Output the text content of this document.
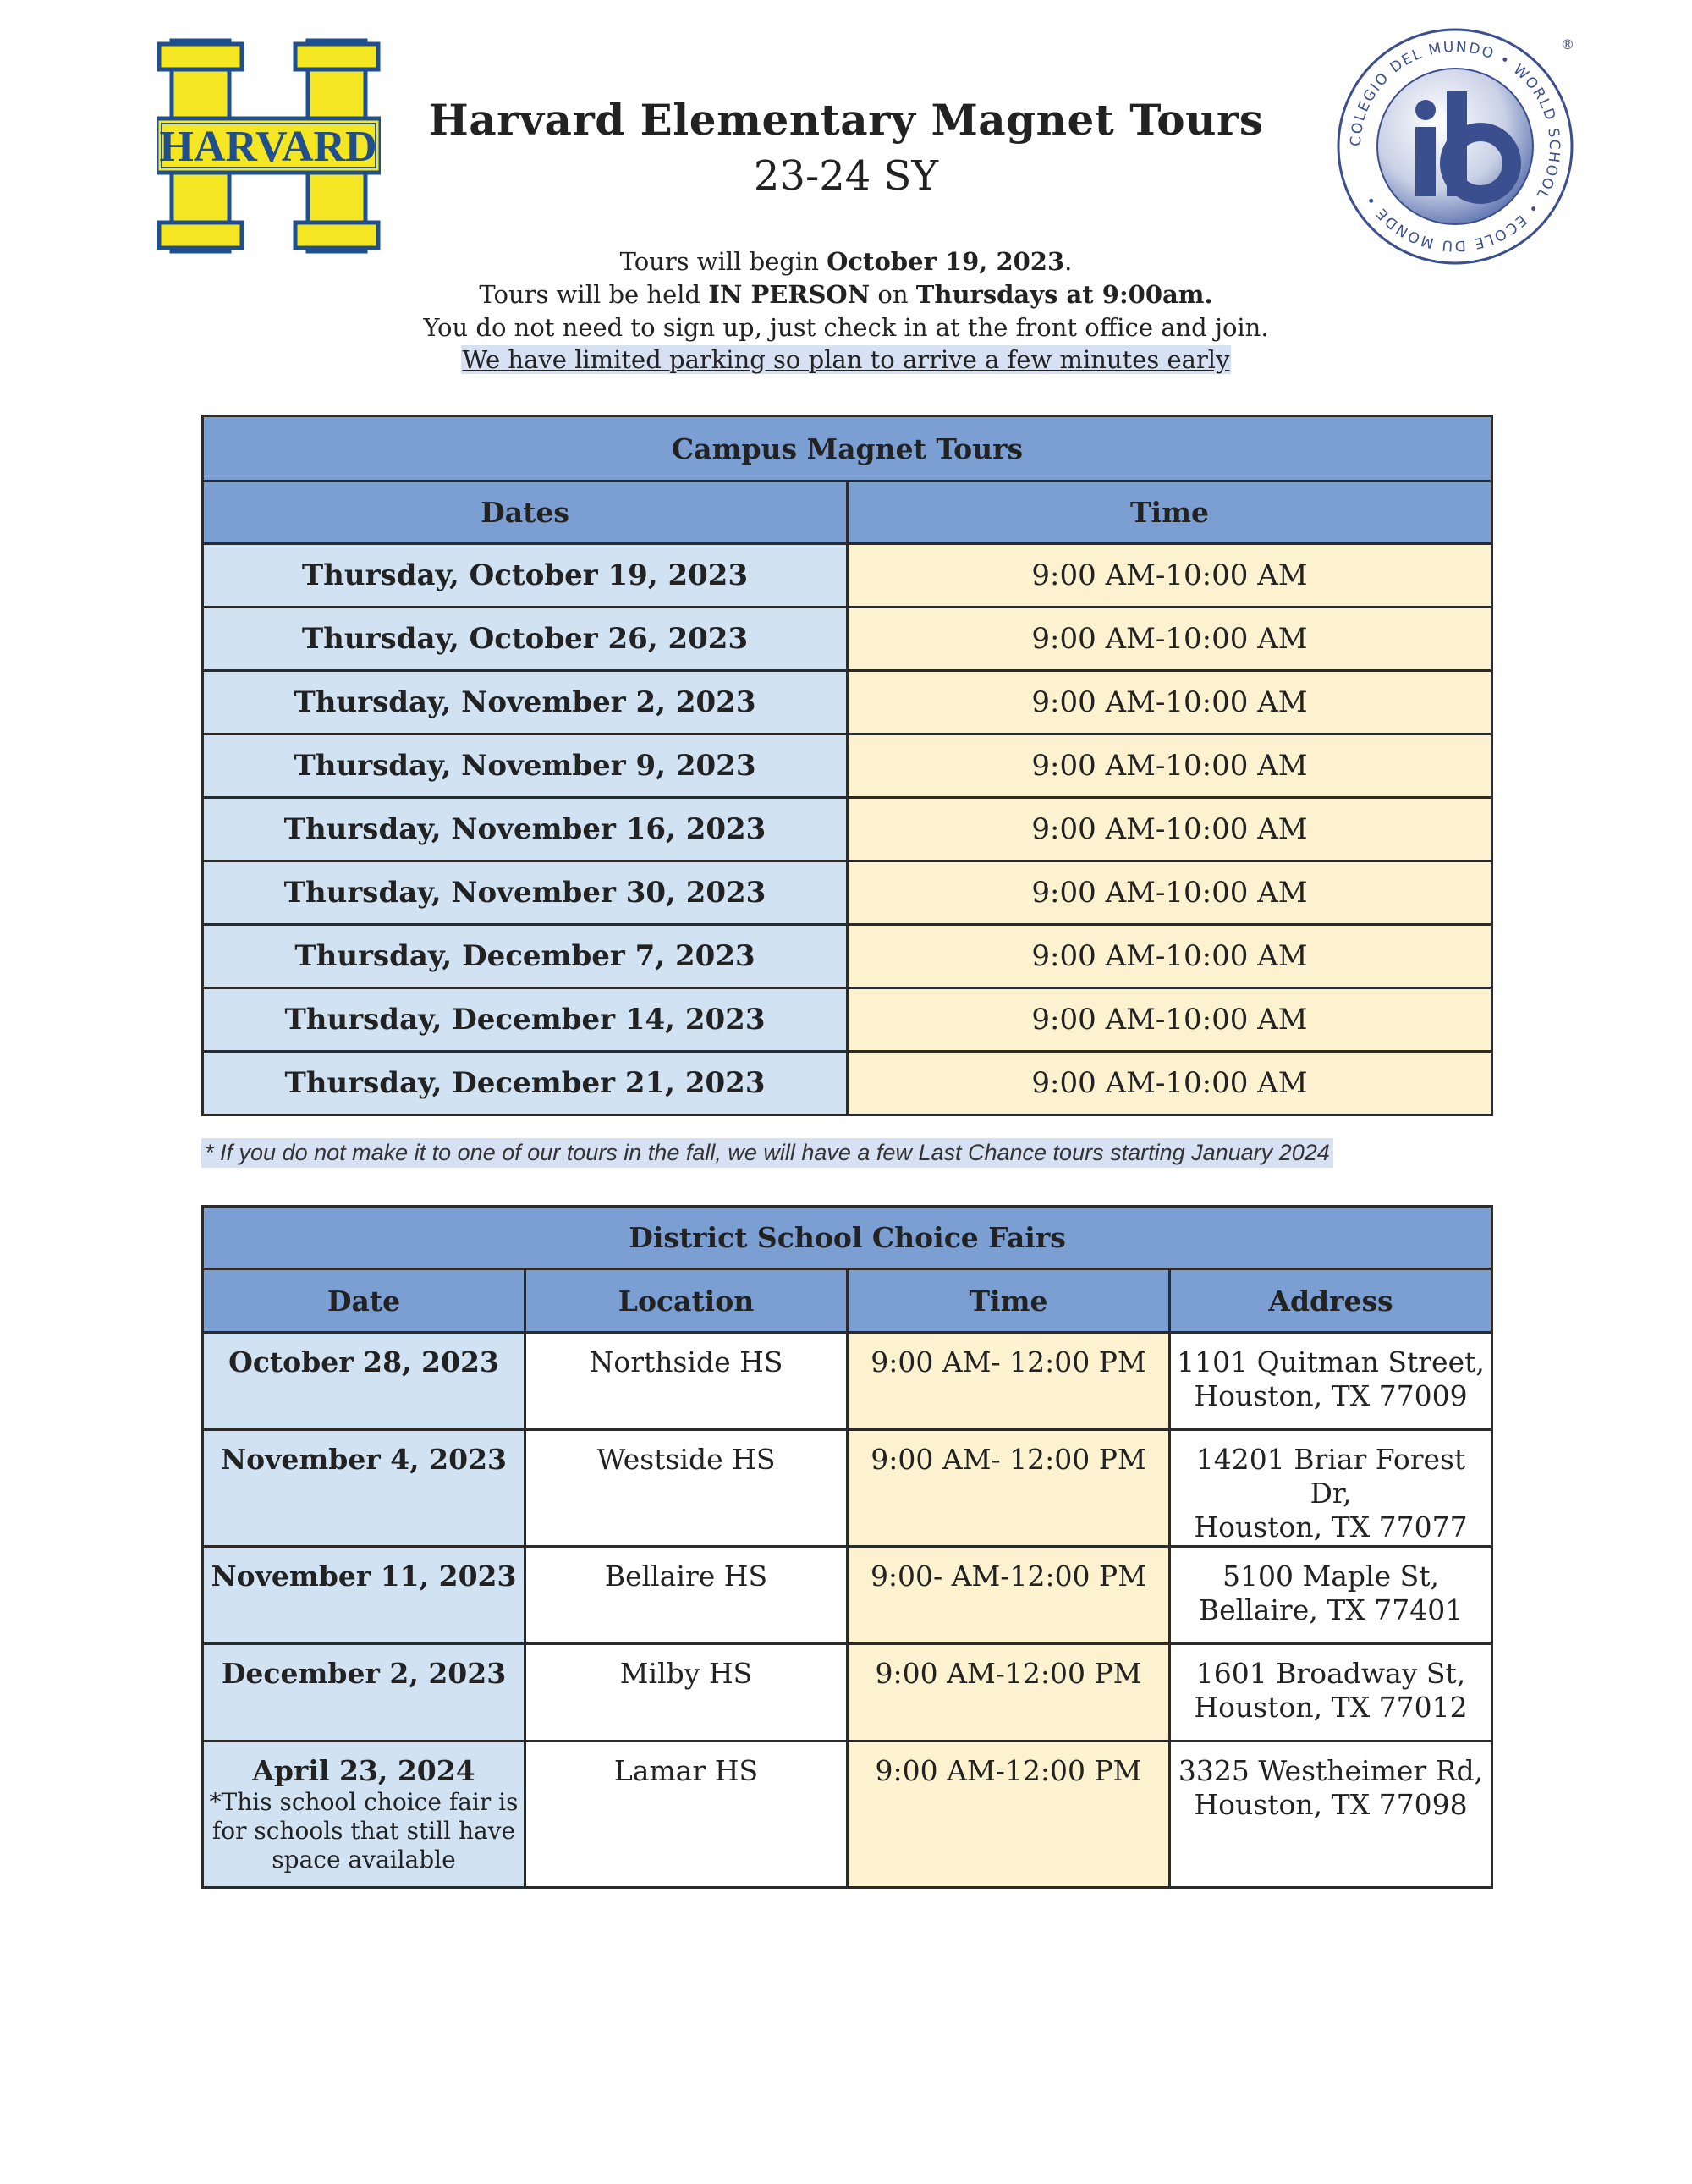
HARVARD	COLEGIO DEL MUNDO • WORLD SCHOOL • ECOLE DU MONDE •
®
Harvard Elementary Magnet Tours
23-24 SY
Tours will begin October 19, 2023.
Tours will be held IN PERSON on Thursdays at 9:00am.
You do not need to sign up, just check in at the front office and join.
We have limited parking so plan to arrive a few minutes early
Campus Magnet Tours	
Dates	Time
Thursday, October 19, 2023	9:00 AM-10:00 AM
Thursday, October 26, 2023	9:00 AM-10:00 AM
Thursday, November 2, 2023	9:00 AM-10:00 AM
Thursday, November 9, 2023	9:00 AM-10:00 AM
Thursday, November 16, 2023	9:00 AM-10:00 AM
Thursday, November 30, 2023	9:00 AM-10:00 AM
Thursday, December 7, 2023	9:00 AM-10:00 AM
Thursday, December 14, 2023	9:00 AM-10:00 AM
Thursday, December 21, 2023	9:00 AM-10:00 AM
* If you do not make it to one of our tours in the fall, we will have a few Last Chance tours starting January 2024
District School Choice Fairs			
Date	Location	Time	Address
October 28, 2023	Northside HS	9:00 AM- 12:00 PM	1101 Quitman Street,
Houston, TX 77009

November 4, 2023	Westside HS	9:00 AM- 12:00 PM	14201 Briar Forest Dr,
Houston, TX 77077

November 11, 2023	Bellaire HS	9:00- AM-12:00 PM	5100 Maple St,
Bellaire, TX 77401

December 2, 2023	Milby HS	9:00 AM-12:00 PM	1601 Broadway St,
Houston, TX 77012

April 23, 2024
*This school choice fair is for schools that still have space available	Lamar HS	9:00 AM-12:00 PM	3325 Westheimer Rd,
Houston, TX 77098
